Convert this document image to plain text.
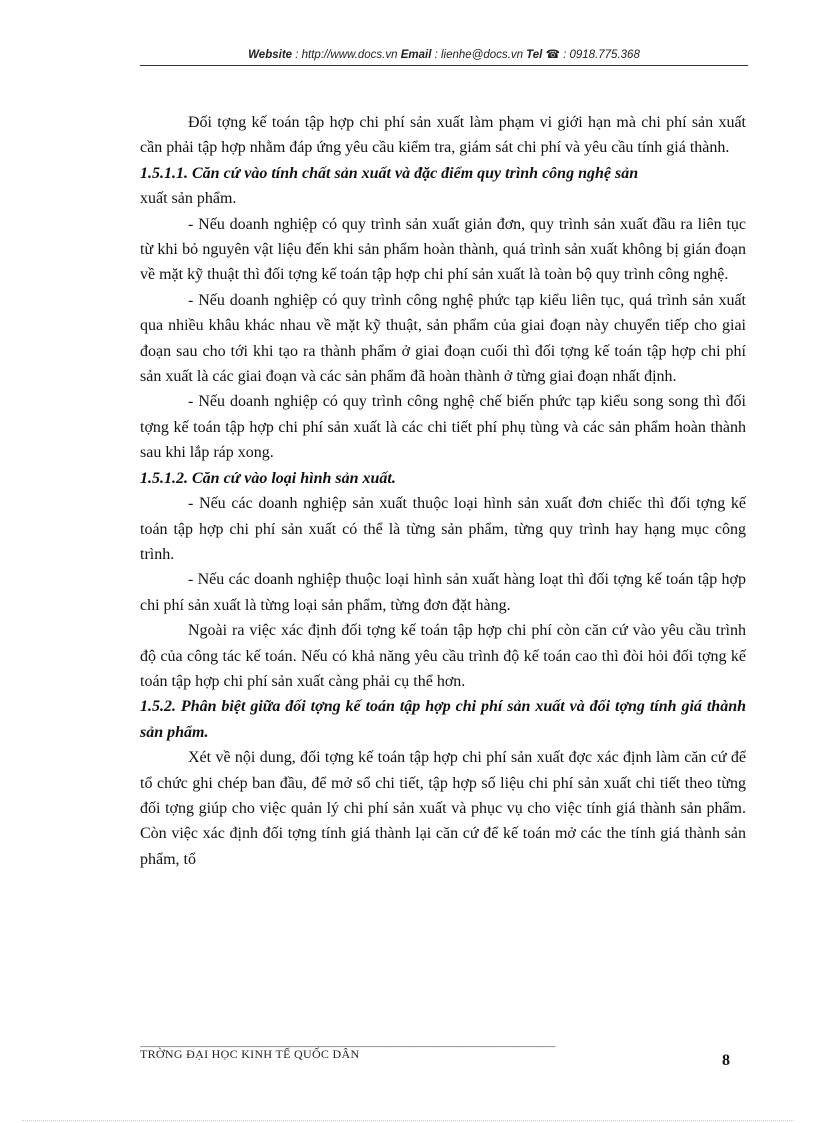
Website : http://www.docs.vn Email : lienhe@docs.vn Tel ☎ : 0918.775.368

Đối tợng kế toán tập hợp chi phí sản xuất làm phạm vi giới hạn mà chi phí sản xuất cần phải tập hợp nhằm đáp ứng yêu cầu kiểm tra, giám sát chi phí và yêu cầu tính giá thành.

1.5.1.1. Căn cứ vào tính chất sản xuất và đặc điểm quy trình công nghệ sản

xuất sản phẩm.

- Nếu doanh nghiệp có quy trình sản xuất giản đơn, quy trình sản xuất đầu ra liên tục từ khi bỏ nguyên vật liệu đến khi sản phẩm hoàn thành, quá trình sản xuất không bị gián đoạn về mặt kỹ thuật thì đối tợng kế toán tập hợp chi phí sản xuất là toàn bộ quy trình công nghệ.

- Nếu doanh nghiệp có quy trình công nghệ phức tạp kiểu liên tục, quá trình sản xuất qua nhiều khâu khác nhau về mặt kỹ thuật, sản phẩm của giai đoạn này chuyển tiếp cho giai đoạn sau cho tới khi tạo ra thành phẩm ở giai đoạn cuối thì đối tợng kế toán tập hợp chi phí sản xuất là các giai đoạn và các sản phẩm đã hoàn thành ở từng giai đoạn nhất định.

- Nếu doanh nghiệp có quy trình công nghệ chế biến phức tạp kiểu song song thì đối tợng kế toán tập hợp chi phí sản xuất là các chi tiết phí phụ tùng và các sản phẩm hoàn thành sau khi lắp ráp xong.

1.5.1.2. Căn cứ vào loại hình sản xuất.

- Nếu các doanh nghiệp sản xuất thuộc loại hình sản xuất đơn chiếc thì đối tợng kế toán tập hợp chi phí sản xuất có thể là từng sản phẩm, từng quy trình hay hạng mục công trình.

- Nếu các doanh nghiệp thuộc loại hình sản xuất hàng loạt thì đối tợng kế toán tập hợp chi phí sản xuất là từng loại sản phẩm, từng đơn đặt hàng.

Ngoài ra việc xác định đối tợng kế toán tập hợp chi phí còn căn cứ vào yêu cầu trình độ của công tác kế toán. Nếu có khả năng yêu cầu trình độ kế toán cao thì đòi hỏi đối tợng kế toán tập hợp chi phí sản xuất càng phải cụ thể hơn.

1.5.2. Phân biệt giữa đối tợng kế toán tập hợp chi phí sản xuất và đối tợng tính giá thành sản phẩm.

Xét về nội dung, đối tợng kế toán tập hợp chi phí sản xuất đợc xác định làm căn cứ để tổ chức ghi chép ban đầu, để mở sổ chi tiết, tập hợp số liệu chi phí sản xuất chi tiết theo từng đối tợng giúp cho việc quản lý chi phí sản xuất và phục vụ cho việc tính giá thành sản phẩm. Còn việc xác định đối tợng tính giá thành lại căn cứ để kế toán mở các the tính giá thành sản phẩm, tổ

____________________________________________________________________
TRỜNG ĐẠI HỌC KINH TẾ QUỐC DÂN	8
